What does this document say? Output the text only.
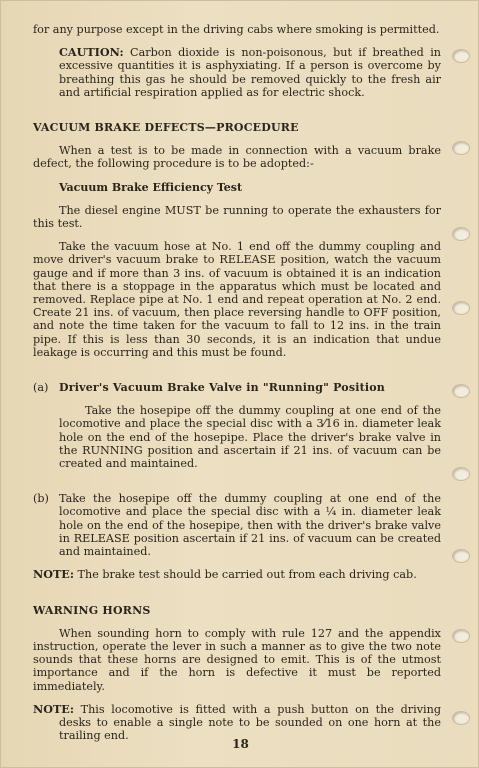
for any purpose except in the driving cabs where smoking is permitted.

CAUTION: Carbon dioxide is non-poisonous, but if breathed in excessive quantities it is asphyxiating. If a person is overcome by breathing this gas he should be removed quickly to the fresh air and artificial respiration applied as for electric shock.

VACUUM BRAKE DEFECTS—PROCEDURE

When a test is to be made in connection with a vacuum brake defect, the following procedure is to be adopted:-

Vacuum Brake Efficiency Test

The diesel engine MUST be running to operate the exhausters for this test.

Take the vacuum hose at No. 1 end off the dummy coupling and move driver's vacuum brake to RELEASE position, watch the vacuum gauge and if more than 3 ins. of vacuum is obtained it is an indication that there is a stoppage in the apparatus which must be located and removed. Replace pipe at No. 1 end and repeat operation at No. 2 end. Create 21 ins. of vacuum, then place reversing handle to OFF position, and note the time taken for the vacuum to fall to 12 ins. in the train pipe. If this is less than 30 seconds, it is an indication that undue leakage is occurring and this must be found.

(a) Driver's Vacuum Brake Valve in "Running" Position

Take the hosepipe off the dummy coupling at one end of the locomotive and place the special disc with a 3⁄16 in. diameter leak hole on the end of the hosepipe. Place the driver's brake valve in the RUNNING position and ascertain if 21 ins. of vacuum can be created and maintained.

(b) Take the hosepipe off the dummy coupling at one end of the locomotive and place the special disc with a ¼ in. diameter leak hole on the end of the hosepipe, then with the driver's brake valve in RELEASE position ascertain if 21 ins. of vacuum can be created and maintained.

NOTE: The brake test should be carried out from each driving cab.

WARNING HORNS

When sounding horn to comply with rule 127 and the appendix instruction, operate the lever in such a manner as to give the two note sounds that these horns are designed to emit. This is of the utmost importance and if the horn is defective it must be reported immediately.

NOTE: This locomotive is fitted with a push button on the driving desks to enable a single note to be sounded on one horn at the trailing end.

18
